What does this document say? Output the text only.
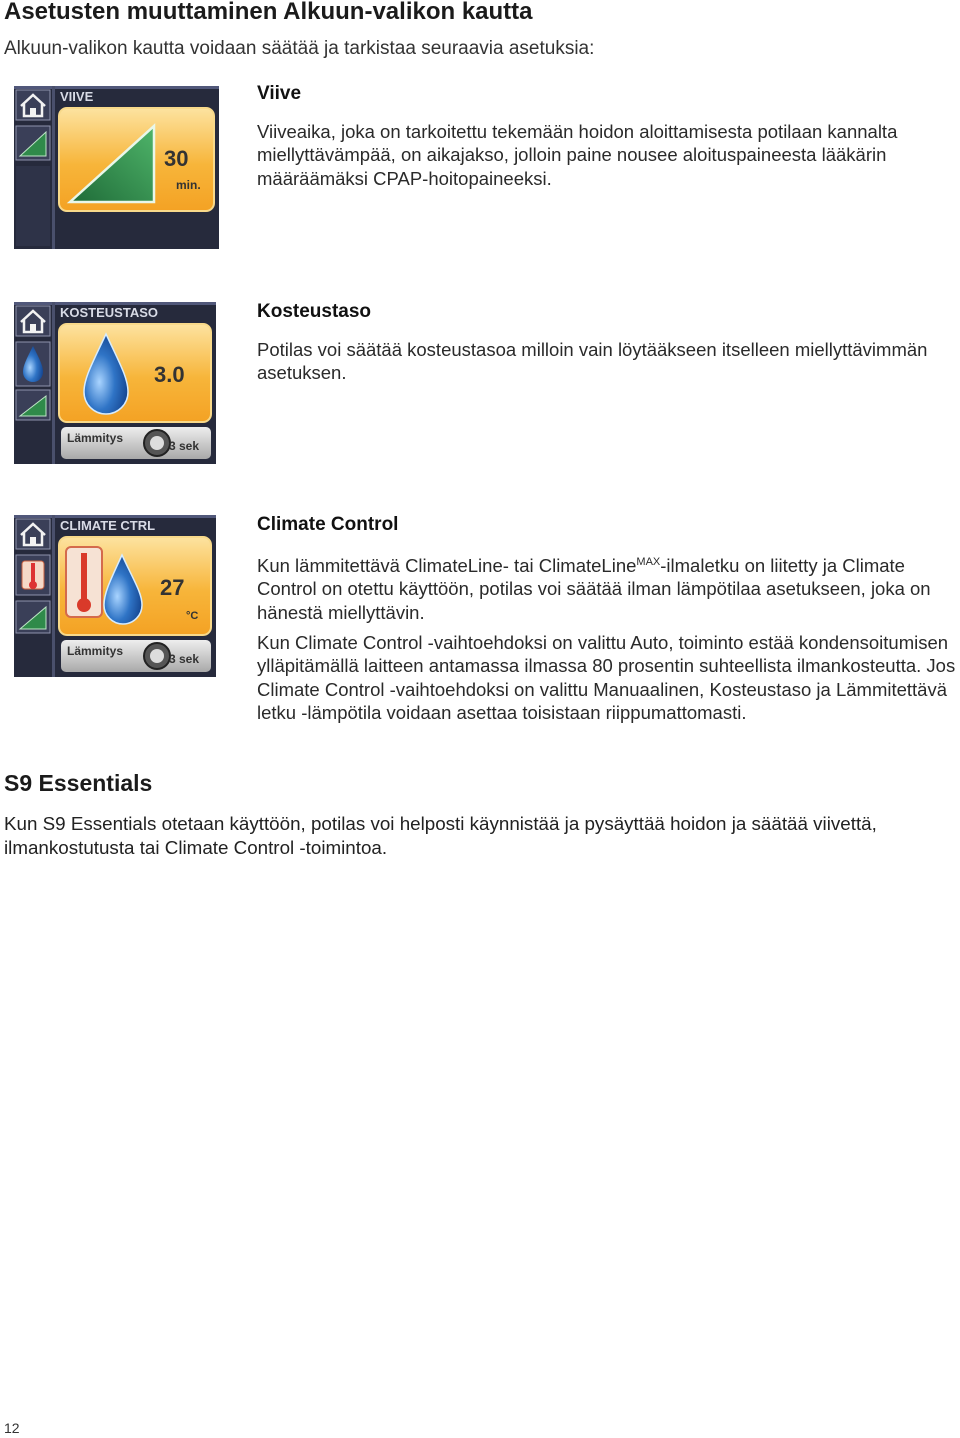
Asetusten muuttaminen Alkuun-valikon kautta
Alkuun-valikon kautta voidaan säätää ja tarkistaa seuraavia asetuksia:
VIIVE
30
min.
Viive

Viiveaika, joka on tarkoitettu tekemään hoidon aloittamisesta potilaan kannalta miellyttävämpää, on aikajakso, jolloin paine nousee aloituspaineesta lääkärin määräämäksi CPAP-hoitopaineeksi.

KOSTEUSTASO
3.0
Lämmitys
3 sek
Kosteustaso

Potilas voi säätää kosteustasoa milloin vain löytääkseen itselleen miellyttävimmän asetuksen.

CLIMATE CTRL
27
°C
Lämmitys
3 sek
Climate Control

Kun lämmitettävä ClimateLine- tai ClimateLine$^{MAX}$-ilmaletku on liitetty ja Climate Control on otettu käyttöön, potilas voi säätää ilman lämpötilaa asetukseen, joka on hänestä miellyttävin.

Kun Climate Control -vaihtoehdoksi on valittu Auto, toiminto estää kondensoitumisen ylläpitämällä laitteen antamassa ilmassa 80 prosentin suhteellista ilmankosteutta. Jos Climate Control -vaihtoehdoksi on valittu Manuaalinen, Kosteustaso ja Lämmitettävä letku -lämpötila voidaan asettaa toisistaan riippumattomasti.

S9 Essentials
Kun S9 Essentials otetaan käyttöön, potilas voi helposti käynnistää ja pysäyttää hoidon ja säätää viivettä, ilmankostutusta tai Climate Control -toimintoa.
12
